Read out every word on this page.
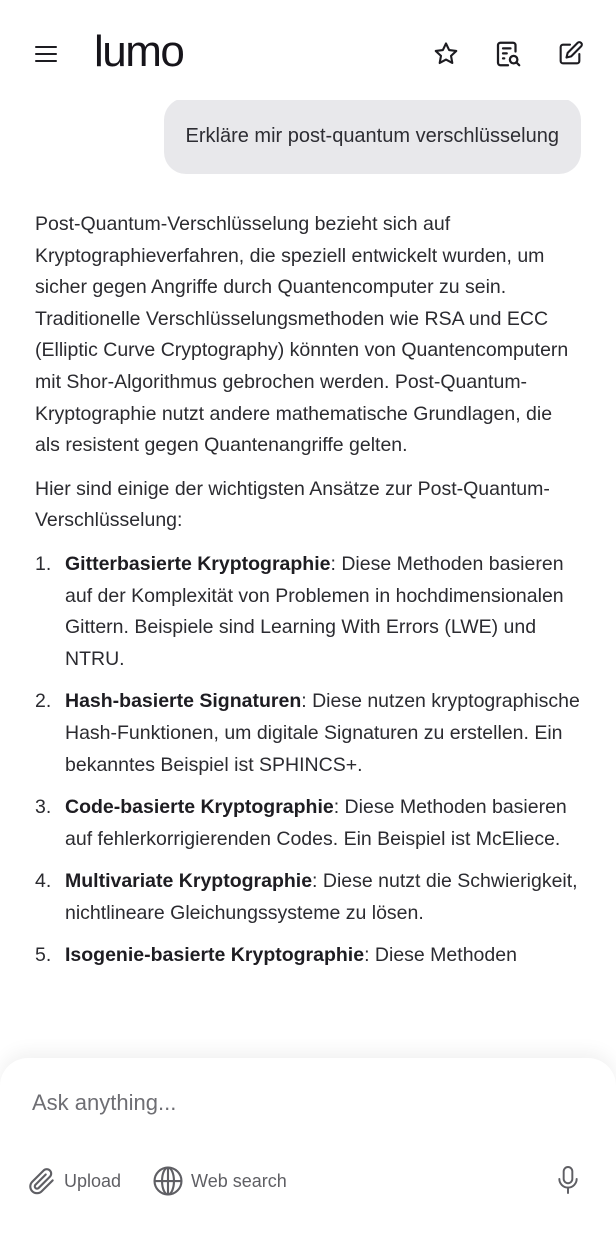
Erkläre mir post-quantum verschlüsselung

Post-Quantum-Verschlüsselung bezieht sich auf Kryptographieverfahren, die speziell entwickelt wurden, um sicher gegen Angriffe durch Quantencomputer zu sein. Traditionelle Verschlüsselungsmethoden wie RSA und ECC (Elliptic Curve Cryptography) könnten von Quantencomputern mit Shor-Algorithmus gebrochen werden. Post-Quantum-Kryptographie nutzt andere mathematische Grundlagen, die als resistent gegen Quantenangriffe gelten.

Hier sind einige der wichtigsten Ansätze zur Post-Quantum-Verschlüsselung:

1. Gitterbasierte Kryptographie: Diese Methoden basieren auf der Komplexität von Problemen in hochdimensionalen Gittern. Beispiele sind Learning With Errors (LWE) und NTRU.
2. Hash-basierte Signaturen: Diese nutzen kryptographische Hash-Funktionen, um digitale Signaturen zu erstellen. Ein bekanntes Beispiel ist SPHINCS+.
3. Code-basierte Kryptographie: Diese Methoden basieren auf fehlerkorrigierenden Codes. Ein Beispiel ist McEliece.
4. Multivariate Kryptographie: Diese nutzt die Schwierigkeit, nichtlineare Gleichungssysteme zu lösen.
5. Isogenie-basierte Kryptographie: Diese Methoden
lumo
Ask anything...
Upload	Web search
